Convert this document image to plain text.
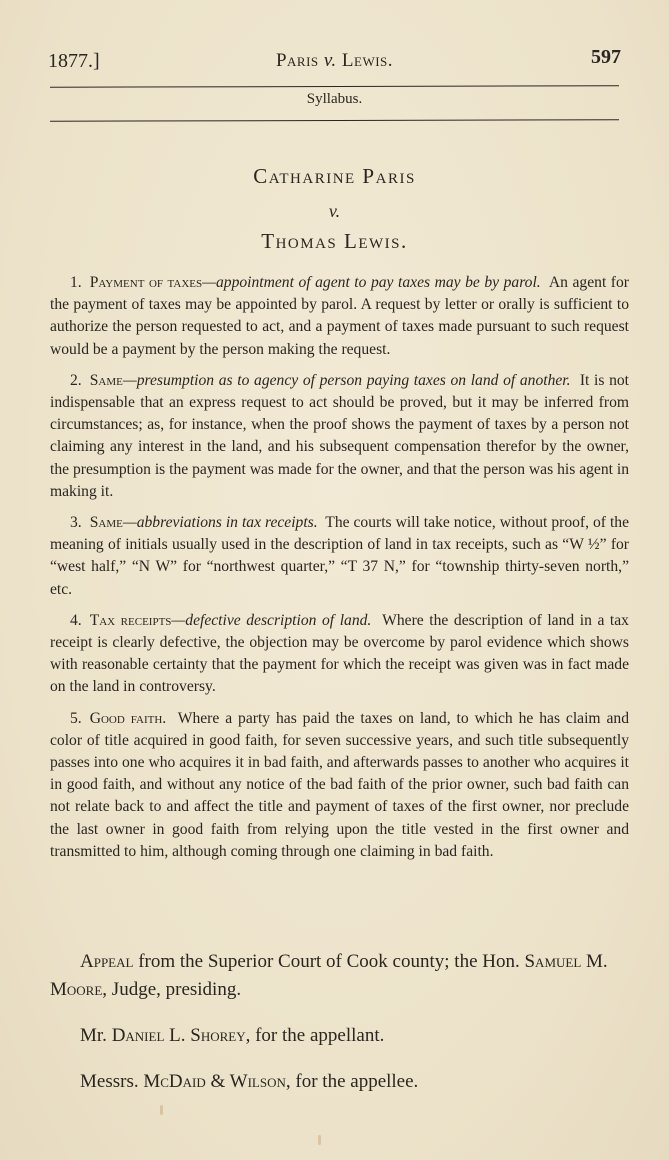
1877.]	Paris v. Lewis.	597
Syllabus.
Catharine Paris
v.
Thomas Lewis.

1. Payment of taxes—appointment of agent to pay taxes may be by parol. An agent for the payment of taxes may be appointed by parol. A request by letter or orally is sufficient to authorize the person requested to act, and a payment of taxes made pursuant to such request would be a payment by the person making the request.

2. Same—presumption as to agency of person paying taxes on land of another. It is not indispensable that an express request to act should be proved, but it may be inferred from circumstances; as, for instance, when the proof shows the payment of taxes by a person not claiming any interest in the land, and his subsequent compensation therefor by the owner, the presumption is the payment was made for the owner, and that the person was his agent in making it.

3. Same—abbreviations in tax receipts. The courts will take notice, without proof, of the meaning of initials usually used in the description of land in tax receipts, such as “W ½” for “west half,” “N W” for “northwest quarter,” “T 37 N,” for “township thirty-seven north,” etc.

4. Tax receipts—defective description of land. Where the description of land in a tax receipt is clearly defective, the objection may be overcome by parol evidence which shows with reasonable certainty that the payment for which the receipt was given was in fact made on the land in controversy.

5. Good faith. Where a party has paid the taxes on land, to which he has claim and color of title acquired in good faith, for seven successive years, and such title subsequently passes into one who acquires it in bad faith, and afterwards passes to another who acquires it in good faith, and without any notice of the bad faith of the prior owner, such bad faith can not relate back to and affect the title and payment of taxes of the first owner, nor preclude the last owner in good faith from relying upon the title vested in the first owner and transmitted to him, although coming through one claiming in bad faith.

Appeal from the Superior Court of Cook county; the Hon. Samuel M. Moore, Judge, presiding.

Mr. Daniel L. Shorey, for the appellant.

Messrs. McDaid & Wilson, for the appellee.
